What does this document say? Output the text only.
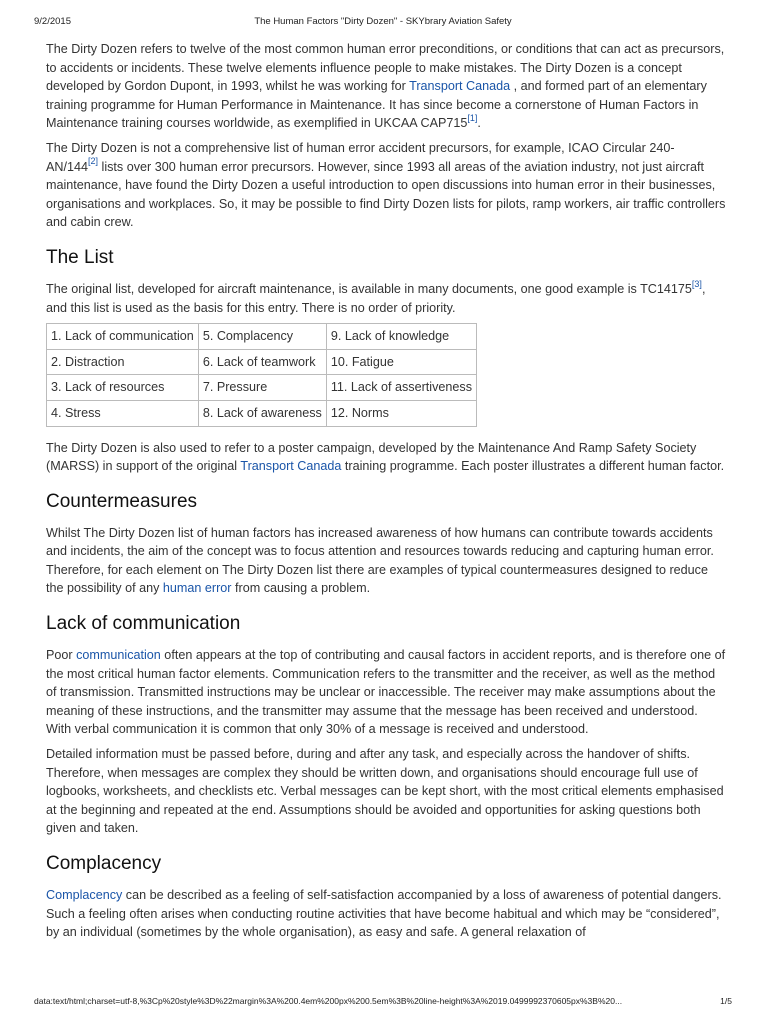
9/2/2015	The Human Factors "Dirty Dozen" - SKYbrary Aviation Safety

The Dirty Dozen refers to twelve of the most common human error preconditions, or conditions that can act as precursors, to accidents or incidents. These twelve elements influence people to make mistakes. The Dirty Dozen is a concept developed by Gordon Dupont, in 1993, whilst he was working for Transport Canada , and formed part of an elementary training programme for Human Performance in Maintenance. It has since become a cornerstone of Human Factors in Maintenance training courses worldwide, as exemplified in UKCAA CAP715[1].

The Dirty Dozen is not a comprehensive list of human error accident precursors, for example, ICAO Circular 240-AN/144[2] lists over 300 human error precursors. However, since 1993 all areas of the aviation industry, not just aircraft maintenance, have found the Dirty Dozen a useful introduction to open discussions into human error in their businesses, organisations and workplaces. So, it may be possible to find Dirty Dozen lists for pilots, ramp workers, air traffic controllers and cabin crew.

The List

The original list, developed for aircraft maintenance, is available in many documents, one good example is TC14175[3], and this list is used as the basis for this entry. There is no order of priority.

1. Lack of communication	5. Complacency	9. Lack of knowledge
2. Distraction	6. Lack of teamwork	10. Fatigue
3. Lack of resources	7. Pressure	11. Lack of assertiveness
4. Stress	8. Lack of awareness	12. Norms

The Dirty Dozen is also used to refer to a poster campaign, developed by the Maintenance And Ramp Safety Society (MARSS) in support of the original Transport Canada training programme. Each poster illustrates a different human factor.

Countermeasures

Whilst The Dirty Dozen list of human factors has increased awareness of how humans can contribute towards accidents and incidents, the aim of the concept was to focus attention and resources towards reducing and capturing human error. Therefore, for each element on The Dirty Dozen list there are examples of typical countermeasures designed to reduce the possibility of any human error from causing a problem.

Lack of communication

Poor communication often appears at the top of contributing and causal factors in accident reports, and is therefore one of the most critical human factor elements. Communication refers to the transmitter and the receiver, as well as the method of transmission. Transmitted instructions may be unclear or inaccessible. The receiver may make assumptions about the meaning of these instructions, and the transmitter may assume that the message has been received and understood. With verbal communication it is common that only 30% of a message is received and understood.

Detailed information must be passed before, during and after any task, and especially across the handover of shifts. Therefore, when messages are complex they should be written down, and organisations should encourage full use of logbooks, worksheets, and checklists etc. Verbal messages can be kept short, with the most critical elements emphasised at the beginning and repeated at the end. Assumptions should be avoided and opportunities for asking questions both given and taken.

Complacency

Complacency can be described as a feeling of self-satisfaction accompanied by a loss of awareness of potential dangers. Such a feeling often arises when conducting routine activities that have become habitual and which may be “considered”, by an individual (sometimes by the whole organisation), as easy and safe. A general relaxation of

data:text/html;charset=utf-8,%3Cp%20style%3D%22margin%3A%200.4em%200px%200.5em%3B%20line-height%3A%2019.0499992370605px%3B%20...	1/5
